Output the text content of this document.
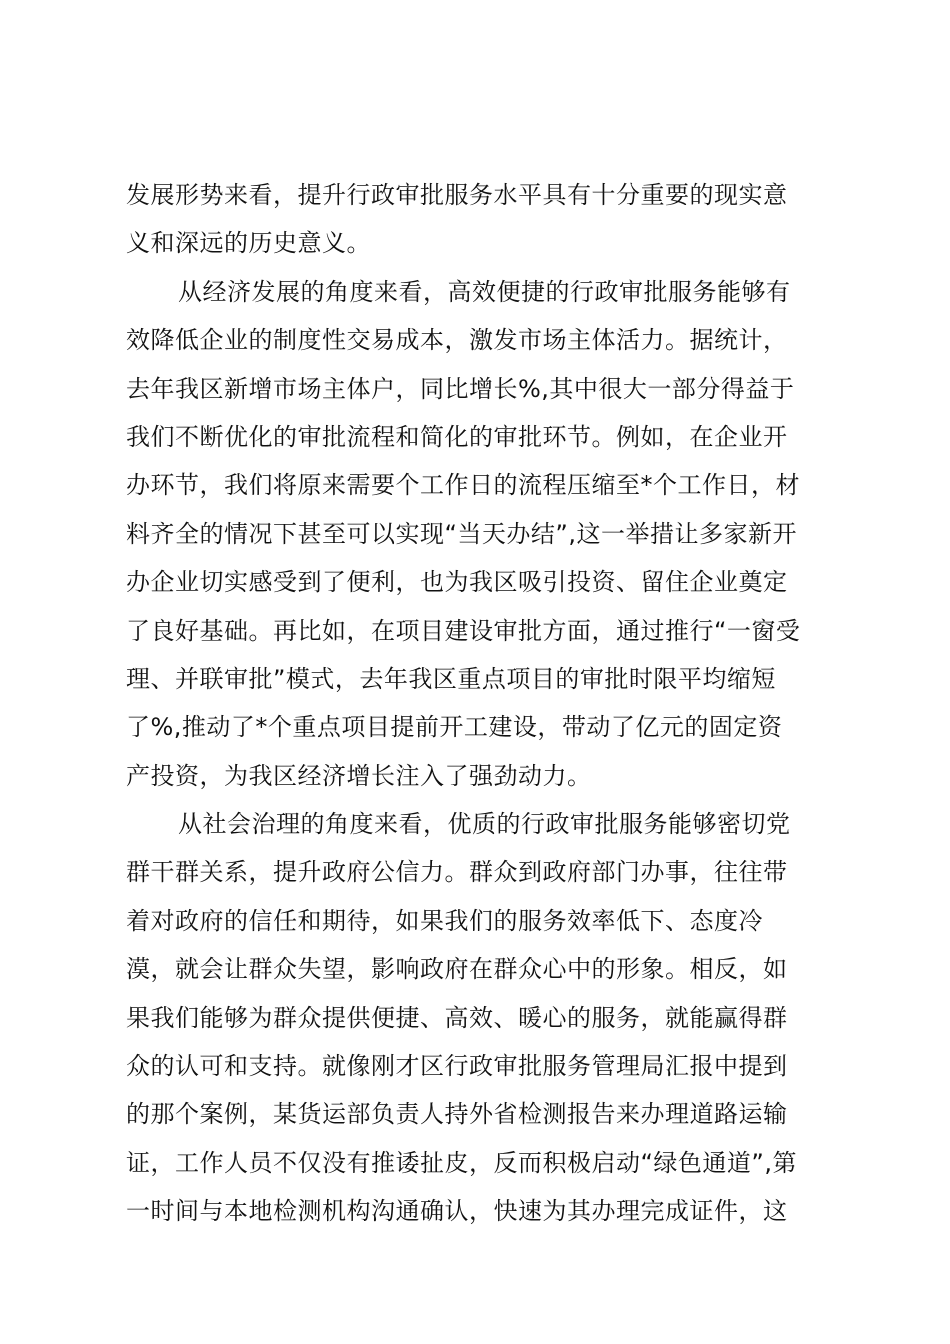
发展形势来看，提升行政审批服务水平具有十分重要的现实意
义和深远的历史意义。
从经济发展的角度来看，高效便捷的行政审批服务能够有
效降低企业的制度性交易成本，激发市场主体活力。据统计，
去年我区新增市场主体户，同比增长%,其中很大一部分得益于
我们不断优化的审批流程和简化的审批环节。例如，在企业开
办环节，我们将原来需要个工作日的流程压缩至*个工作日，材
料齐全的情况下甚至可以实现“当天办结”,这一举措让多家新开
办企业切实感受到了便利，也为我区吸引投资、留住企业奠定
了良好基础。再比如，在项目建设审批方面，通过推行“一窗受
理、并联审批”模式，去年我区重点项目的审批时限平均缩短
了%,推动了*个重点项目提前开工建设，带动了亿元的固定资
产投资，为我区经济增长注入了强劲动力。
从社会治理的角度来看，优质的行政审批服务能够密切党
群干群关系，提升政府公信力。群众到政府部门办事，往往带
着对政府的信任和期待，如果我们的服务效率低下、态度冷
漠，就会让群众失望，影响政府在群众心中的形象。相反，如
果我们能够为群众提供便捷、高效、暖心的服务，就能赢得群
众的认可和支持。就像刚才区行政审批服务管理局汇报中提到
的那个案例，某货运部负责人持外省检测报告来办理道路运输
证，工作人员不仅没有推诿扯皮，反而积极启动“绿色通道”,第
一时间与本地检测机构沟通确认，快速为其办理完成证件，这
